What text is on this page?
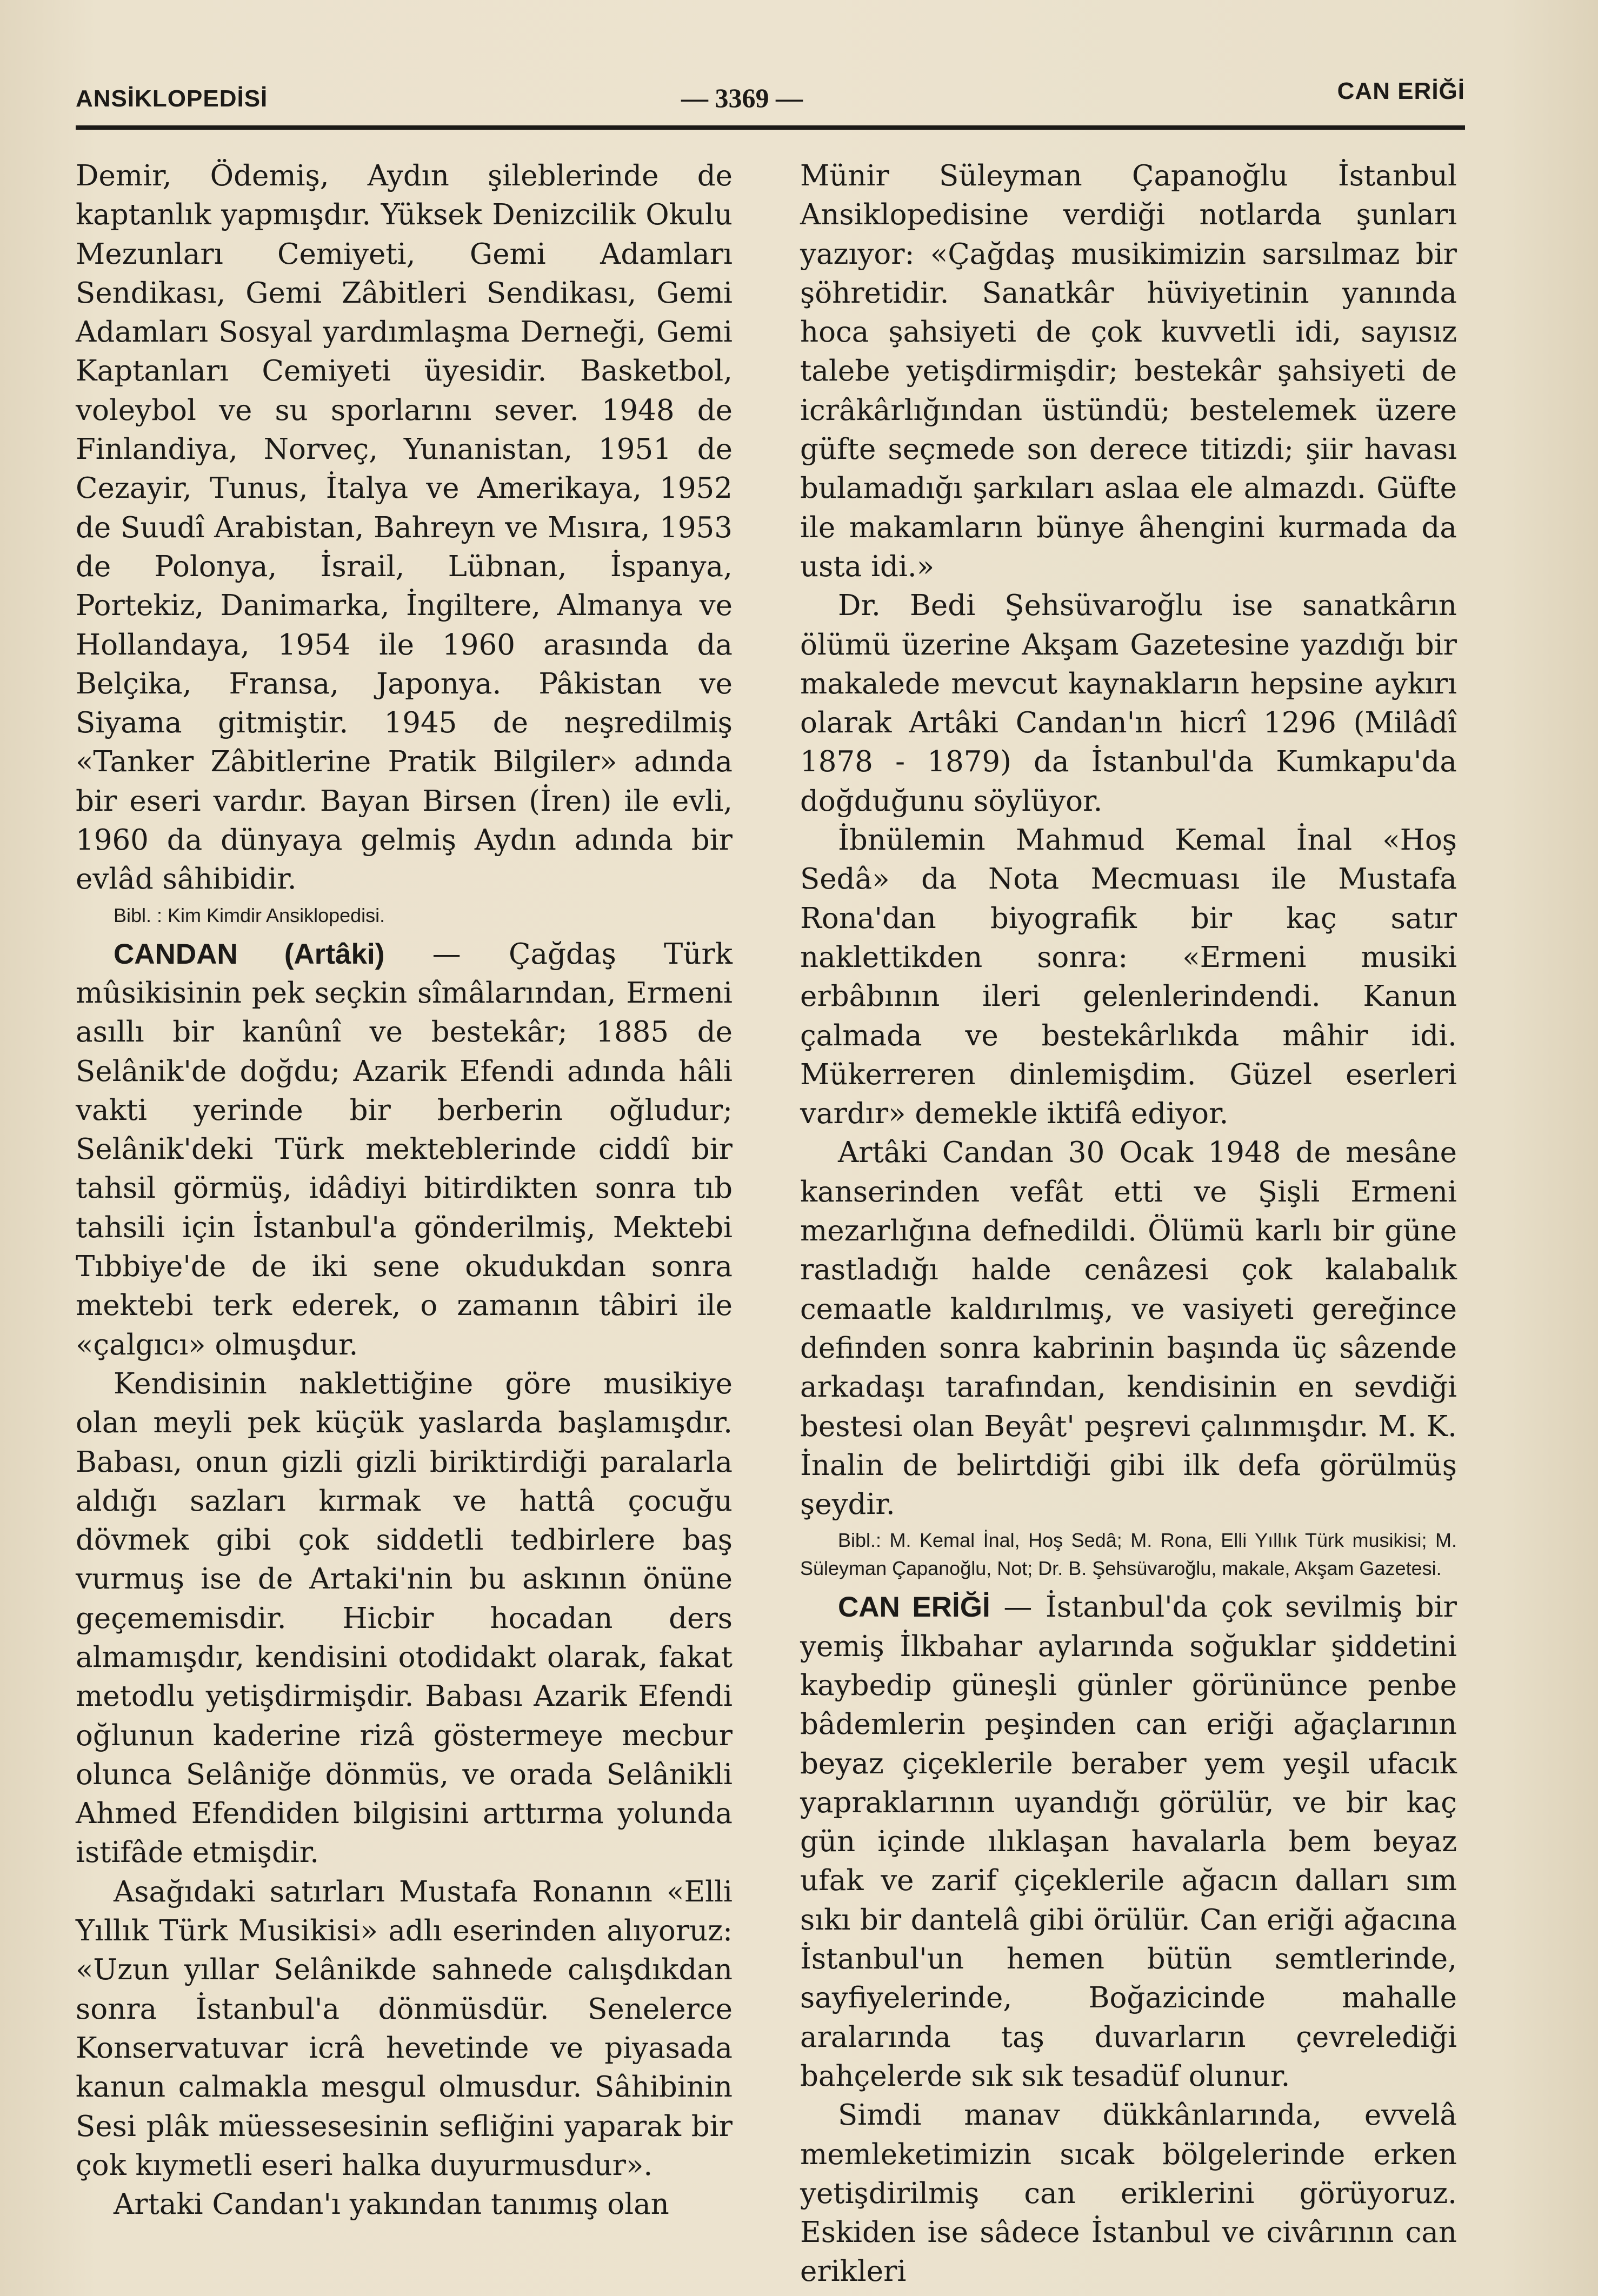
ANSİKLOPEDİSİ	— 3369 —	CAN ERİĞİ

Demir, Ödemiş, Aydın şileblerinde de kaptanlık yapmışdır. Yüksek Denizcilik Okulu Mezunları Cemiyeti, Gemi Adamları Sendikası, Gemi Zâbitleri Sendikası, Gemi Adamları Sosyal yardımlaşma Derneği, Gemi Kaptanları Cemiyeti üyesidir. Basketbol, voleybol ve su sporlarını sever. 1948 de Finlandiya, Norveç, Yunanistan, 1951 de Cezayir, Tunus, İtalya ve Amerikaya, 1952 de Suudî Arabistan, Bahreyn ve Mısıra, 1953 de Polonya, İsrail, Lübnan, İspanya, Portekiz, Danimarka, İngiltere, Almanya ve Hollandaya, 1954 ile 1960 arasında da Belçika, Fransa, Japonya. Pâkistan ve Siyama gitmiştir. 1945 de neşredilmiş «Tanker Zâbitlerine Pratik Bilgiler» adında bir eseri vardır. Bayan Birsen (İren) ile evli, 1960 da dünyaya gelmiş Aydın adında bir evlâd sâhibidir.

Bibl. : Kim Kimdir Ansiklopedisi.

CANDAN (Artâki) — Çağdaş Türk mûsikisinin pek seçkin sîmâlarından, Ermeni asıllı bir kanûnî ve bestekâr; 1885 de Selânik'de doğdu; Azarik Efendi adında hâli vakti yerinde bir berberin oğludur; Selânik'deki Türk mekteblerinde ciddî bir tahsil görmüş, idâdiyi bitirdikten sonra tıb tahsili için İstanbul'a gönderilmiş, Mektebi Tıbbiye'de de iki sene okudukdan sonra mektebi terk ederek, o zamanın tâbiri ile «çalgıcı» olmuşdur.

Kendisinin naklettiğine göre musikiye olan meyli pek küçük yaslarda başlamışdır. Babası, onun gizli gizli biriktirdiği paralarla aldığı sazları kırmak ve hattâ çocuğu dövmek gibi çok siddetli tedbirlere baş vurmuş ise de Artaki'nin bu askının önüne geçememisdir. Hicbir hocadan ders almamışdır, kendisini otodidakt olarak, fakat metodlu yetişdirmişdir. Babası Azarik Efendi oğlunun kaderine rizâ göstermeye mecbur olunca Selâniğe dönmüs, ve orada Selânikli Ahmed Efendiden bilgisini arttırma yolunda istifâde etmişdir.

Asağıdaki satırları Mustafa Ronanın «Elli Yıllık Türk Musikisi» adlı eserinden alıyoruz: «Uzun yıllar Selânikde sahnede calışdıkdan sonra İstanbul'a dönmüsdür. Senelerce Konservatuvar icrâ hevetinde ve piyasada kanun calmakla mesgul olmusdur. Sâhibinin Sesi plâk müessesesinin sefliğini yaparak bir çok kıymetli eseri halka duyurmusdur».

Artaki Candan'ı yakından tanımış olan

Münir Süleyman Çapanoğlu İstanbul Ansiklopedisine verdiği notlarda şunları yazıyor: «Çağdaş musikimizin sarsılmaz bir şöhretidir. Sanatkâr hüviyetinin yanında hoca şahsiyeti de çok kuvvetli idi, sayısız talebe yetişdirmişdir; bestekâr şahsiyeti de icrâkârlığından üstündü; bestelemek üzere güfte seçmede son derece titizdi; şiir havası bulamadığı şarkıları aslaa ele almazdı. Güfte ile makamların bünye âhengini kurmada da usta idi.»

Dr. Bedi Şehsüvaroğlu ise sanatkârın ölümü üzerine Akşam Gazetesine yazdığı bir makalede mevcut kaynakların hepsine aykırı olarak Artâki Candan'ın hicrî 1296 (Milâdî 1878 - 1879) da İstanbul'da Kumkapu'da doğduğunu söylüyor.

İbnülemin Mahmud Kemal İnal «Hoş Sedâ» da Nota Mecmuası ile Mustafa Rona'dan biyografik bir kaç satır naklettikden sonra: «Ermeni musiki erbâbının ileri gelenlerindendi. Kanun çalmada ve bestekârlıkda mâhir idi. Mükerreren dinlemişdim. Güzel eserleri vardır» demekle iktifâ ediyor.

Artâki Candan 30 Ocak 1948 de mesâne kanserinden vefât etti ve Şişli Ermeni mezarlığına defnedildi. Ölümü karlı bir güne rastladığı halde cenâzesi çok kalabalık cemaatle kaldırılmış, ve vasiyeti gereğince definden sonra kabrinin başında üç sâzende arkadaşı tarafından, kendisinin en sevdiği bestesi olan Beyât' peşrevi çalınmışdır. M. K. İnalin de belirtdiği gibi ilk defa görülmüş şeydir.

Bibl.: M. Kemal İnal, Hoş Sedâ; M. Rona, Elli Yıllık Türk musikisi; M. Süleyman Çapanoğlu, Not; Dr. B. Şehsüvaroğlu, makale, Akşam Gazetesi.

CAN ERİĞİ — İstanbul'da çok sevilmiş bir yemiş İlkbahar aylarında soğuklar şiddetini kaybedip güneşli günler görününce penbe bâdemlerin peşinden can eriği ağaçlarının beyaz çiçeklerile beraber yem yeşil ufacık yapraklarının uyandığı görülür, ve bir kaç gün içinde ılıklaşan havalarla bem beyaz ufak ve zarif çiçeklerile ağacın dalları sım sıkı bir dantelâ gibi örülür. Can eriği ağacına İstanbul'un hemen bütün semtlerinde, sayfiyelerinde, Boğazicinde mahalle aralarında taş duvarların çevrelediği bahçelerde sık sık tesadüf olunur.

Simdi manav dükkânlarında, evvelâ memleketimizin sıcak bölgelerinde erken yetişdirilmiş can eriklerini görüyoruz. Eskiden ise sâdece İstanbul ve civârının can erikleri
